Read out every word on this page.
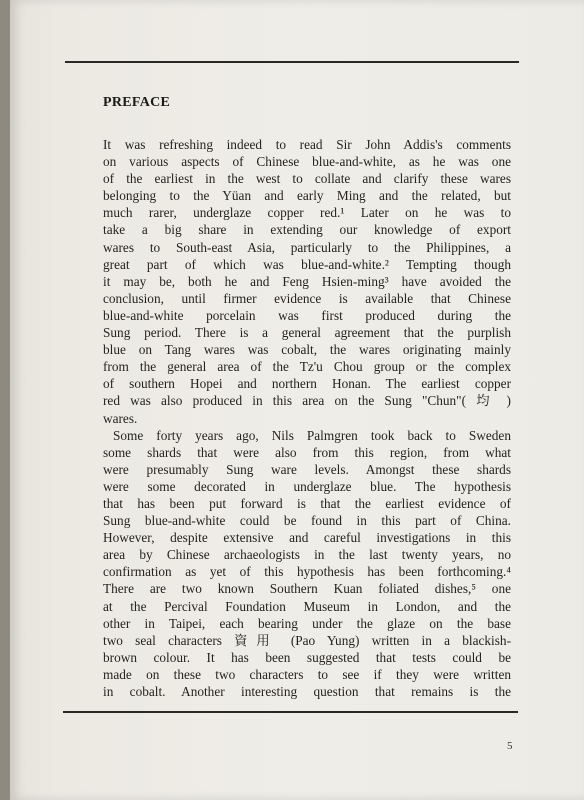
PREFACE

It was refreshing indeed to read Sir John Addis's comments

on various aspects of Chinese blue-and-white, as he was one

of the earliest in the west to collate and clarify these wares

belonging to the Yüan and early Ming and the related, but

much rarer, underglaze copper red.¹ Later on he was to

take a big share in extending our knowledge of export

wares to South-east Asia, particularly to the Philippines, a

great part of which was blue-and-white.² Tempting though

it may be, both he and Feng Hsien-ming³ have avoided the

conclusion, until firmer evidence is available that Chinese

blue-and-white porcelain was first produced during the

Sung period. There is a general agreement that the purplish

blue on Tang wares was cobalt, the wares originating mainly

from the general area of the Tz'u Chou group or the complex

of southern Hopei and northern Honan. The earliest copper

red was also produced in this area on the Sung "Chun"( 均 )

wares.

Some forty years ago, Nils Palmgren took back to Sweden

some shards that were also from this region, from what

were presumably Sung ware levels. Amongst these shards

were some decorated in underglaze blue. The hypothesis

that has been put forward is that the earliest evidence of

Sung blue-and-white could be found in this part of China.

However, despite extensive and careful investigations in this

area by Chinese archaeologists in the last twenty years, no

confirmation as yet of this hypothesis has been forthcoming.⁴

There are two known Southern Kuan foliated dishes,⁵ one

at the Percival Foundation Museum in London, and the

other in Taipei, each bearing under the glaze on the base

two seal characters 資用 (Pao Yung) written in a blackish-

brown colour. It has been suggested that tests could be

made on these two characters to see if they were written

in cobalt. Another interesting question that remains is the

5
